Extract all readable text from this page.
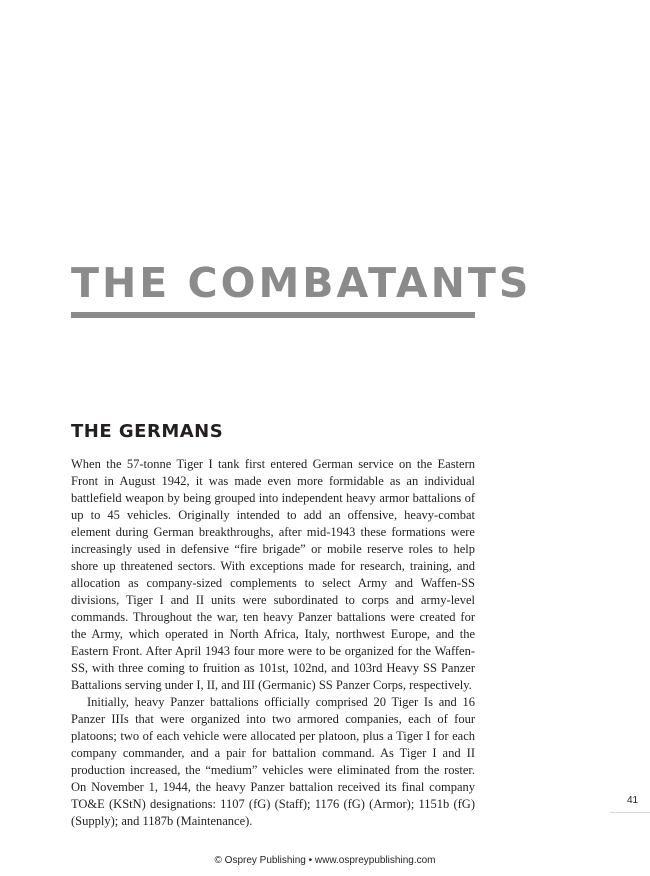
THE COMBATANTS
THE GERMANS

When the 57-tonne Tiger I tank first entered German service on the Eastern Front in August 1942, it was made even more formidable as an individual battlefield weapon by being grouped into independent heavy armor battalions of up to 45 vehicles. Originally intended to add an offensive, heavy-combat element during German breakthroughs, after mid-1943 these formations were increasingly used in defensive “fire brigade” or mobile reserve roles to help shore up threatened sectors. With exceptions made for research, training, and allocation as company-sized complements to select Army and Waffen-SS divisions, Tiger I and II units were subordinated to corps and army-level commands. Throughout the war, ten heavy Panzer battalions were created for the Army, which operated in North Africa, Italy, northwest Europe, and the Eastern Front. After April 1943 four more were to be organized for the Waffen-SS, with three coming to fruition as 101st, 102nd, and 103rd Heavy SS Panzer Battalions serving under I, II, and III (Germanic) SS Panzer Corps, respectively.

Initially, heavy Panzer battalions officially comprised 20 Tiger Is and 16 Panzer IIIs that were organized into two armored companies, each of four platoons; two of each vehicle were allocated per platoon, plus a Tiger I for each company commander, and a pair for battalion command. As Tiger I and II production increased, the “medium” vehicles were eliminated from the roster. On November 1, 1944, the heavy Panzer battalion received its final company TO&E (KStN) designations: 1107 (fG) (Staff); 1176 (fG) (Armor); 1151b (fG) (Supply); and 1187b (Maintenance).

41
© Osprey Publishing • www.ospreypublishing.com
